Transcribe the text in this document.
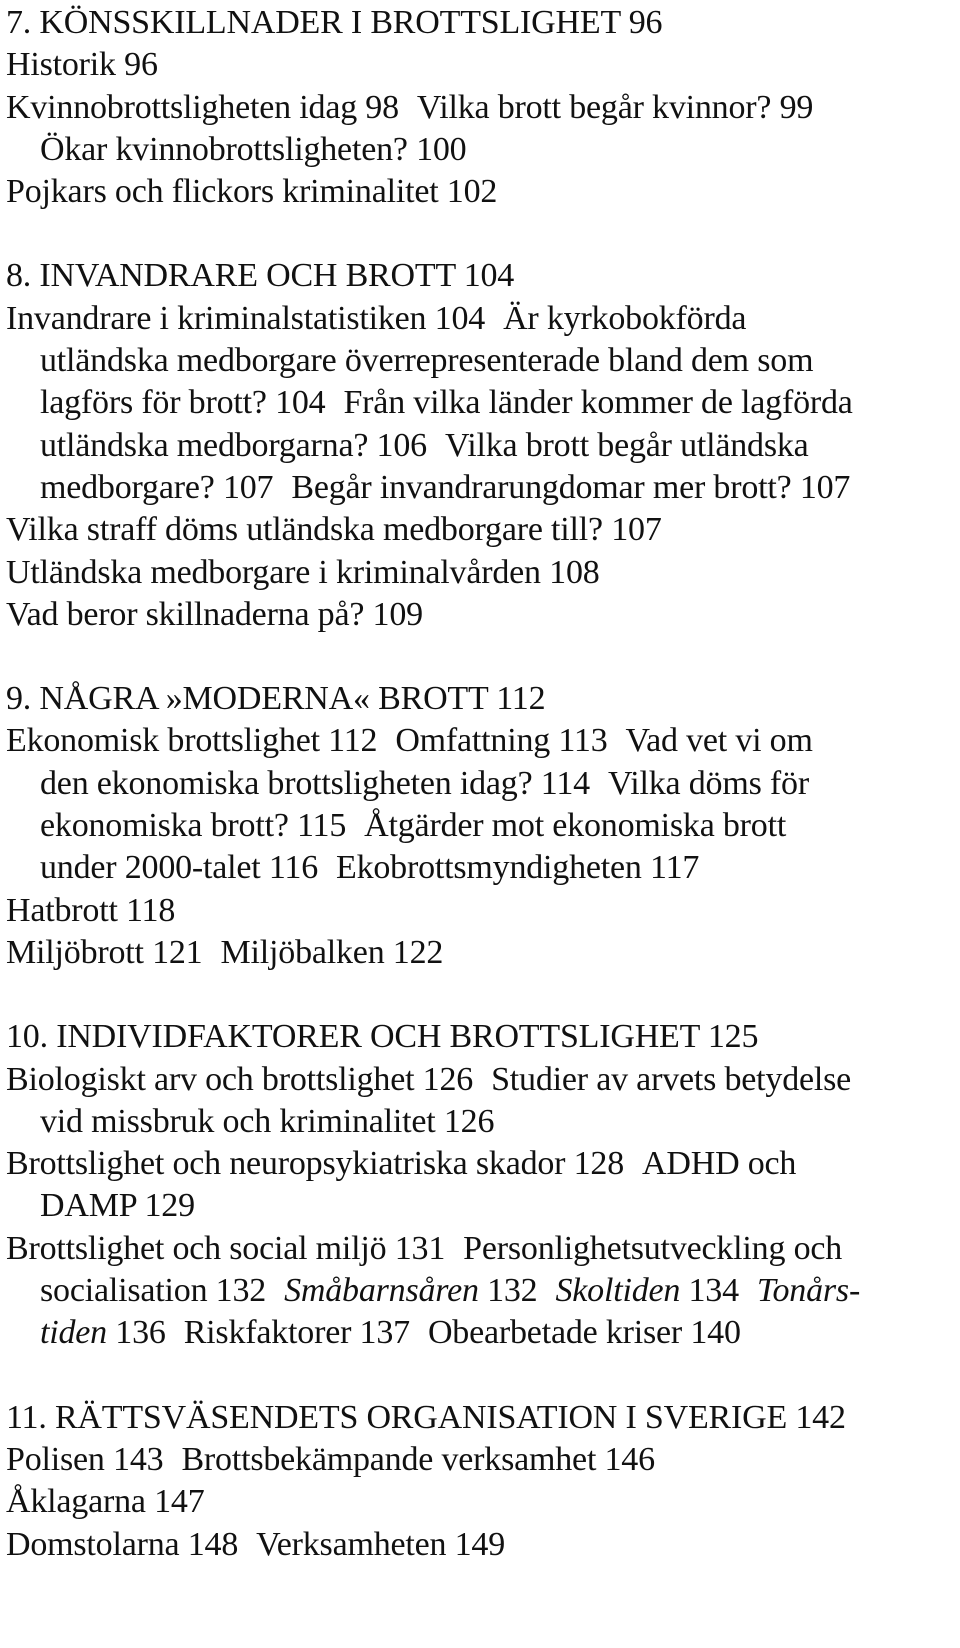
7. KÖNSSKILLNADER I BROTTSLIGHET 96
Historik 96
Kvinnobrottsligheten idag 98 Vilka brott begår kvinnor? 99
Ökar kvinnobrottsligheten? 100
Pojkars och flickors kriminalitet 102
8. INVANDRARE OCH BROTT 104
Invandrare i kriminalstatistiken 104 Är kyrkobokförda
utländska medborgare överrepresenterade bland dem som
lagförs för brott? 104 Från vilka länder kommer de lagförda
utländska medborgarna? 106 Vilka brott begår utländska
medborgare? 107 Begår invandrarungdomar mer brott? 107
Vilka straff döms utländska medborgare till? 107
Utländska medborgare i kriminalvården 108
Vad beror skillnaderna på? 109
9. NÅGRA »MODERNA« BROTT 112
Ekonomisk brottslighet 112 Omfattning 113 Vad vet vi om
den ekonomiska brottsligheten idag? 114 Vilka döms för
ekonomiska brott? 115 Åtgärder mot ekonomiska brott
under 2000-talet 116 Ekobrottsmyndigheten 117
Hatbrott 118
Miljöbrott 121 Miljöbalken 122
10. INDIVIDFAKTORER OCH BROTTSLIGHET 125
Biologiskt arv och brottslighet 126 Studier av arvets betydelse
vid missbruk och kriminalitet 126
Brottslighet och neuropsykiatriska skador 128 ADHD och
DAMP 129
Brottslighet och social miljö 131 Personlighetsutveckling och
socialisation 132 Småbarnsåren 132 Skoltiden 134 Tonårs-
tiden 136 Riskfaktorer 137 Obearbetade kriser 140
11. RÄTTSVÄSENDETS ORGANISATION I SVERIGE 142
Polisen 143 Brottsbekämpande verksamhet 146
Åklagarna 147
Domstolarna 148 Verksamheten 149
